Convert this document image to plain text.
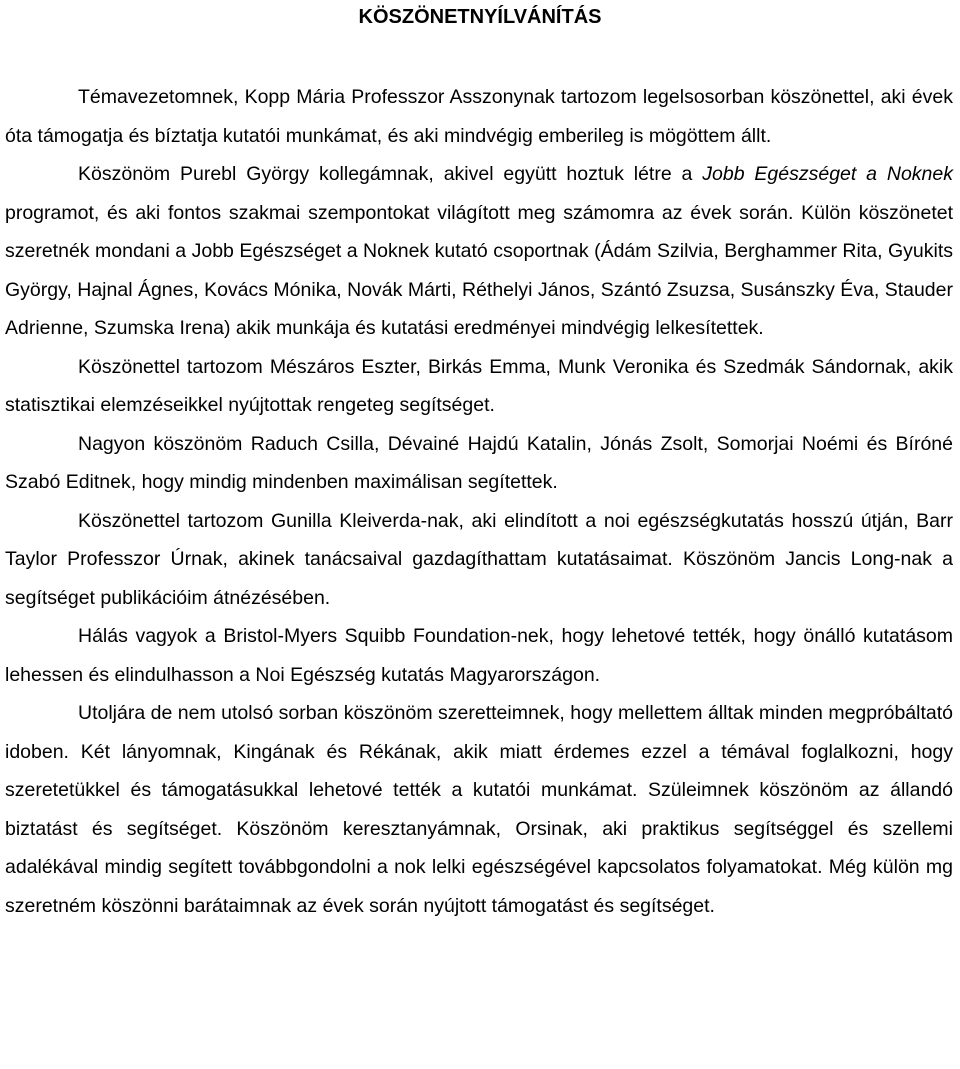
KÖSZÖNETNYÍLVÁNÍTÁS

Témavezetomnek, Kopp Mária Professzor Asszonynak tartozom legelsosorban köszönettel, aki évek óta támogatja és bíztatja kutatói munkámat, és aki mindvégig emberileg is mögöttem állt.

Köszönöm Purebl György kollegámnak, akivel együtt hoztuk létre a Jobb Egészséget a Noknek programot, és aki fontos szakmai szempontokat világított meg számomra az évek során. Külön köszönetet szeretnék mondani a Jobb Egészséget a Noknek kutató csoportnak (Ádám Szilvia, Berghammer Rita, Gyukits György, Hajnal Ágnes, Kovács Mónika, Novák Márti, Réthelyi János, Szántó Zsuzsa, Susánszky Éva, Stauder Adrienne, Szumska Irena) akik munkája és kutatási eredményei mindvégig lelkesítettek.

Köszönettel tartozom Mészáros Eszter, Birkás Emma, Munk Veronika és Szedmák Sándornak, akik statisztikai elemzéseikkel nyújtottak rengeteg segítséget.

Nagyon köszönöm Raduch Csilla, Dévainé Hajdú Katalin, Jónás Zsolt, Somorjai Noémi és Bíróné Szabó Editnek, hogy mindig mindenben maximálisan segítettek.

Köszönettel tartozom Gunilla Kleiverda-nak, aki elindított a noi egészségkutatás hosszú útján, Barr Taylor Professzor Úrnak, akinek tanácsaival gazdagíthattam kutatásaimat. Köszönöm Jancis Long-nak a segítséget publikációim átnézésében.

Hálás vagyok a Bristol-Myers Squibb Foundation-nek, hogy lehetové tették, hogy önálló kutatásom lehessen és elindulhasson a Noi Egészség kutatás Magyarországon.

Utoljára de nem utolsó sorban köszönöm szeretteimnek, hogy mellettem álltak minden megpróbáltató idoben. Két lányomnak, Kingának és Rékának, akik miatt érdemes ezzel a témával foglalkozni, hogy szeretetükkel és támogatásukkal lehetové tették a kutatói munkámat. Szüleimnek köszönöm az állandó biztatást és segítséget. Köszönöm keresztanyámnak, Orsinak, aki praktikus segítséggel és szellemi adalékával mindig segített továbbgondolni a nok lelki egészségével kapcsolatos folyamatokat. Még külön mg szeretném köszönni barátaimnak az évek során nyújtott támogatást és segítséget.
